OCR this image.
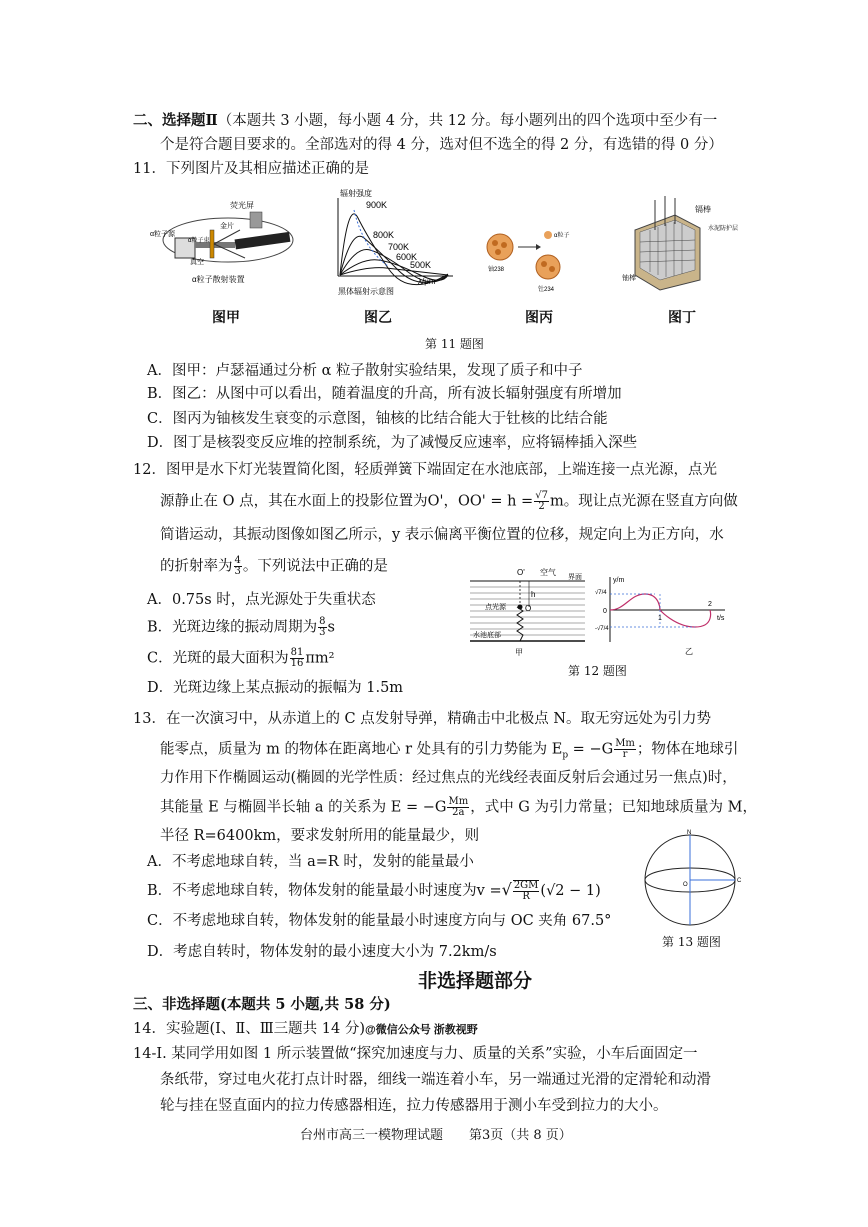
二、选择题Ⅱ（本题共 3 小题，每小题 4 分，共 12 分。每小题列出的四个选项中至少有一
个是符合题目要求的。全部选对的得 4 分，选对但不选全的得 2 分，有选错的得 0 分）
11．下列图片及其相应描述正确的是
荧光屏
α粒子源
金片
α粒子束
真空
α粒子散射装置
辐射强度
900K
800K
700K
600K
500K
λ/μm
黑体辐射示意图
α粒子
铀238
钍234
镉棒
水泥防护层
铀棒
图甲	图乙	图丙	图丁
第 11 题图
A．图甲：卢瑟福通过分析 α 粒子散射实验结果，发现了质子和中子
B．图乙：从图中可以看出，随着温度的升高，所有波长辐射强度有所增加
C．图丙为铀核发生衰变的示意图，铀核的比结合能大于钍核的比结合能
D．图丁是核裂变反应堆的控制系统，为了减慢反应速率，应将镉棒插入深些
12．图甲是水下灯光装置简化图，轻质弹簧下端固定在水池底部，上端连接一点光源，点光
源静止在 O 点，其在水面上的投影位置为O'，$OO' = h = \frac{√7}{2}$ m。现让点光源在竖直方向做
简谐运动，其振动图像如图乙所示，y 表示偏离平衡位置的位移，规定向上为正方向，水
的折射率为 $\frac{4}{3}$ 。下列说法中正确的是
A．0.75s 时，点光源处于失重状态
B．光斑边缘的振动周期为 $\frac{8}{3}$ s
C．光斑的最大面积为 $\frac{81}{16} \pi m^2$
D．光斑边缘上某点振动的振幅为 1.5m
O' 空气
界面
h
点光源 O
水池底部
甲
y/m
√7/4
0
-√7/4
1
2
t/s
乙
第 12 题图
13．在一次演习中，从赤道上的 C 点发射导弹，精确击中北极点 N。取无穷远处为引力势
能零点，质量为 m 的物体在距离地心 r 处具有的引力势能为 $E_p = -G \frac{Mm}{r}$ ；物体在地球引
力作用下作椭圆运动(椭圆的光学性质：经过焦点的光线经表面反射后会通过另一焦点)时，
其能量 E 与椭圆半长轴 a 的关系为 $E = -G \frac{Mm}{2a}$ ，式中 G 为引力常量；已知地球质量为 M，
半径 R=6400km，要求发射所用的能量最少，则
A．不考虑地球自转，当 a=R 时，发射的能量最小
B．不考虑地球自转，物体发射的能量最小时速度为v =√ $\frac{2GM}{R} (√2 - 1)$
C．不考虑地球自转，物体发射的能量最小时速度方向与 OC 夹角 67.5°
D．考虑自转时，物体发射的最小速度大小为 7.2km/s
N
O
C
第 13 题图
非选择题部分
三、非选择题(本题共 5 小题,共 58 分)
14．实验题(Ⅰ、Ⅱ、Ⅲ三题共 14 分)@微信公众号 浙教视野
14-Ⅰ. 某同学用如图 1 所示装置做“探究加速度与力、质量的关系”实验，小车后面固定一
条纸带，穿过电火花打点计时器，细线一端连着小车，另一端通过光滑的定滑轮和动滑
轮与挂在竖直面内的拉力传感器相连，拉力传感器用于测小车受到拉力的大小。
台州市高三一模物理试题　　第3页（共 8 页）
